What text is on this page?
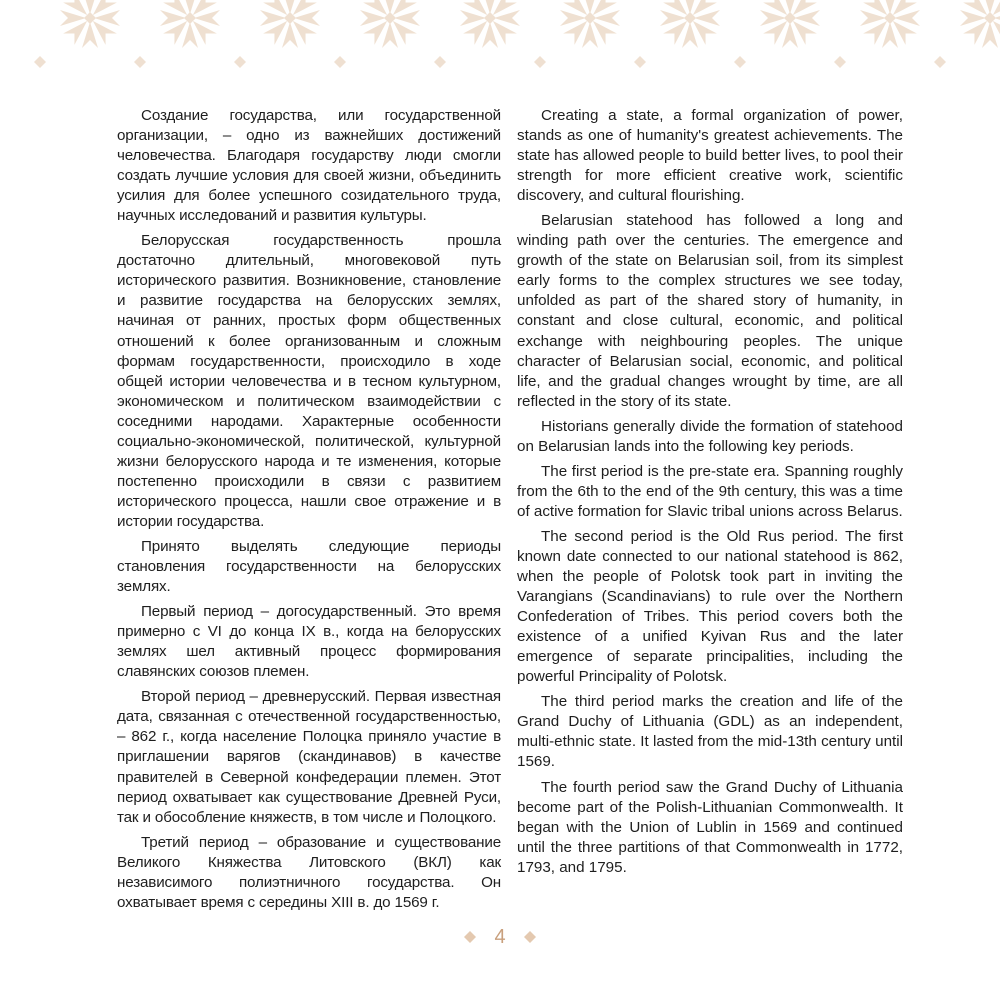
Создание государства, или государственной организации, – одно из важнейших достижений человечества. Благодаря государству люди смогли создать лучшие условия для своей жизни, объединить усилия для более успешного созидательного труда, научных исследований и развития культуры.

Белорусская государственность прошла достаточно длительный, многовековой путь исторического развития. Возникновение, становление и развитие государства на белорусских землях, начиная от ранних, простых форм общественных отношений к более организованным и сложным формам государственности, происходило в ходе общей истории человечества и в тесном культурном, экономическом и политическом взаимодействии с соседними народами. Характерные особенности социально-экономической, политической, культурной жизни белорусского народа и те изменения, которые постепенно происходили в связи с развитием исторического процесса, нашли свое отражение и в истории государства.

Принято выделять следующие периоды становления государственности на белорусских землях.

Первый период – догосударственный. Это время примерно с VI до конца IX в., когда на белорусских землях шел активный процесс формирования славянских союзов племен.

Второй период – древнерусский. Первая известная дата, связанная с отечественной государственностью, – 862 г., когда население Полоцка приняло участие в приглашении варягов (скандинавов) в качестве правителей в Северной конфедерации племен. Этот период охватывает как существование Древней Руси, так и обособление княжеств, в том числе и Полоцкого.

Третий период – образование и существование Великого Княжества Литовского (ВКЛ) как независимого полиэтничного государства. Он охватывает время с середины XIII в. до 1569 г.

Creating a state, a formal organization of power, stands as one of humanity's greatest achievements. The state has allowed people to build better lives, to pool their strength for more efficient creative work, scientific discovery, and cultural flourishing.

Belarusian statehood has followed a long and winding path over the centuries. The emergence and growth of the state on Belarusian soil, from its simplest early forms to the complex structures we see today, unfolded as part of the shared story of humanity, in constant and close cultural, economic, and political exchange with neighbouring peoples. The unique character of Belarusian social, economic, and political life, and the gradual changes wrought by time, are all reflected in the story of its state.

Historians generally divide the formation of statehood on Belarusian lands into the following key periods.

The first period is the pre-state era. Spanning roughly from the 6th to the end of the 9th century, this was a time of active formation for Slavic tribal unions across Belarus.

The second period is the Old Rus period. The first known date connected to our national statehood is 862, when the people of Polotsk took part in inviting the Varangians (Scandinavians) to rule over the Northern Confederation of Tribes. This period covers both the existence of a unified Kyivan Rus and the later emergence of separate principalities, including the powerful Principality of Polotsk.

The third period marks the creation and life of the Grand Duchy of Lithuania (GDL) as an independent, multi-ethnic state. It lasted from the mid-13th century until 1569.

The fourth period saw the Grand Duchy of Lithuania become part of the Polish-Lithuanian Commonwealth. It began with the Union of Lublin in 1569 and continued until the three partitions of that Commonwealth in 1772, 1793, and 1795.

4
